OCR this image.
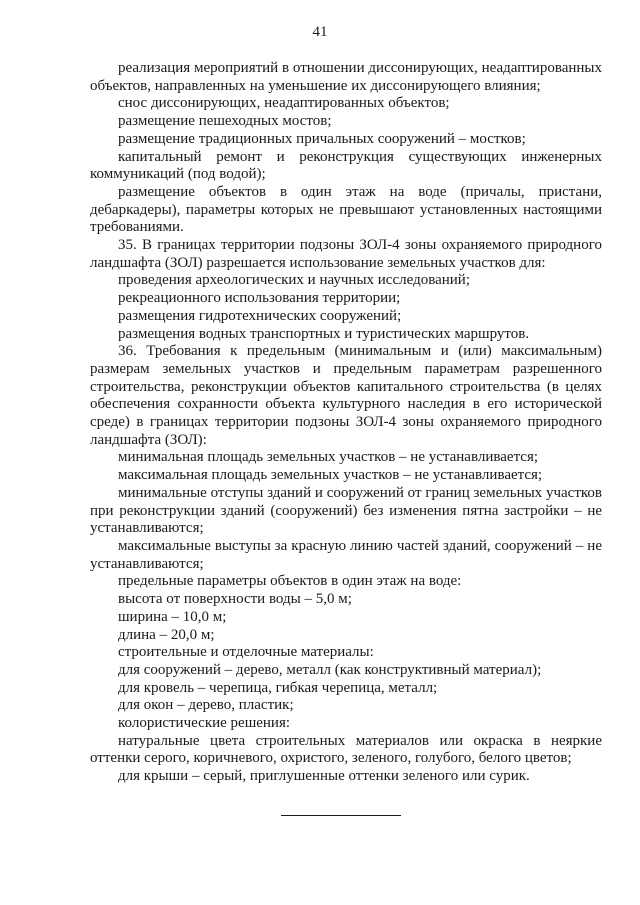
41

реализация мероприятий в отношении диссонирующих, неадаптированных объектов, направленных на уменьшение их диссонирующего влияния;

снос диссонирующих, неадаптированных объектов;

размещение пешеходных мостов;

размещение традиционных причальных сооружений – мостков;

капитальный ремонт и реконструкция существующих инженерных коммуникаций (под водой);

размещение объектов в один этаж на воде (причалы, пристани, дебаркадеры), параметры которых не превышают установленных настоящими требованиями.

35. В границах территории подзоны ЗОЛ-4 зоны охраняемого природного ландшафта (ЗОЛ) разрешается использование земельных участков для:

проведения археологических и научных исследований;

рекреационного использования территории;

размещения гидротехнических сооружений;

размещения водных транспортных и туристических маршрутов.

36. Требования к предельным (минимальным и (или) максимальным) размерам земельных участков и предельным параметрам разрешенного строительства, реконструкции объектов капитального строительства (в целях обеспечения сохранности объекта культурного наследия в его исторической среде) в границах территории подзоны ЗОЛ-4 зоны охраняемого природного ландшафта (ЗОЛ):

минимальная площадь земельных участков – не устанавливается;

максимальная площадь земельных участков – не устанавливается;

минимальные отступы зданий и сооружений от границ земельных участков при реконструкции зданий (сооружений) без изменения пятна застройки – не устанавливаются;

максимальные выступы за красную линию частей зданий, сооружений – не устанавливаются;

предельные параметры объектов в один этаж на воде:

высота от поверхности воды – 5,0 м;

ширина – 10,0 м;

длина – 20,0 м;

строительные и отделочные материалы:

для сооружений – дерево, металл (как конструктивный материал);

для кровель – черепица, гибкая черепица, металл;

для окон – дерево, пластик;

колористические решения:

натуральные цвета строительных материалов или окраска в неяркие оттенки серого, коричневого, охристого, зеленого, голубого, белого цветов;

для крыши – серый, приглушенные оттенки зеленого или сурик.
